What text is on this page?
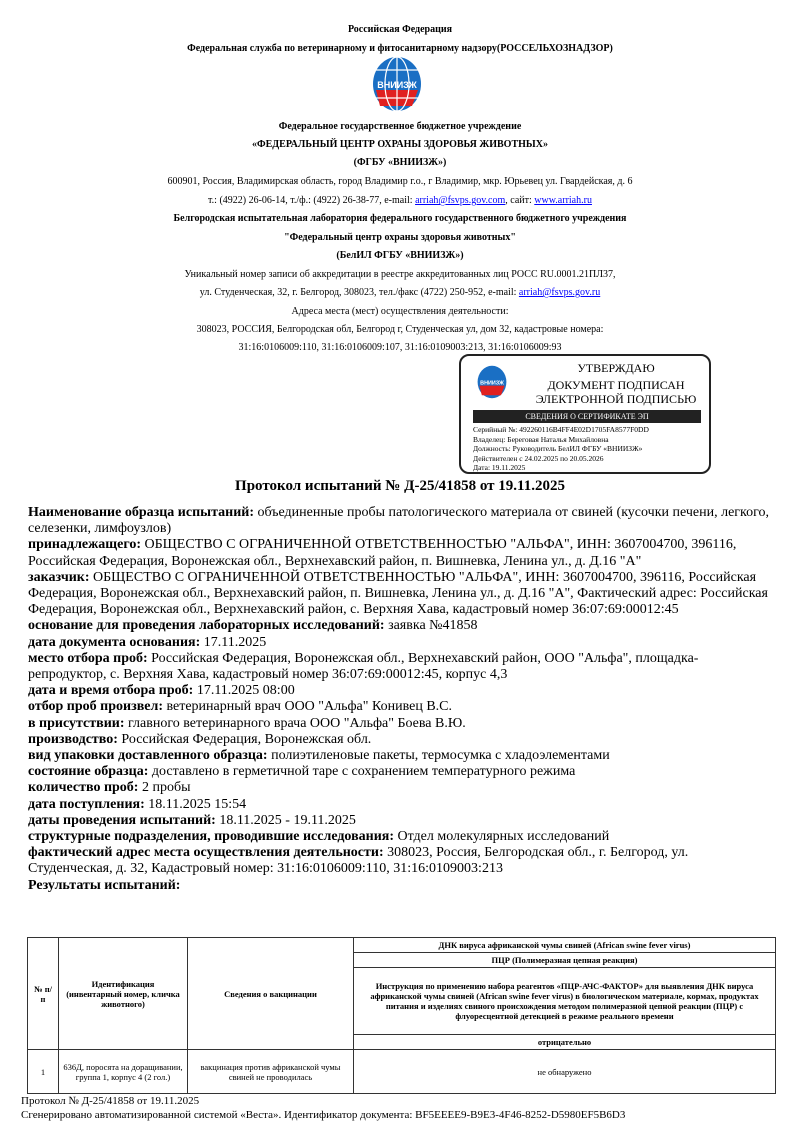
Российская Федерация
Федеральная служба по ветеринарному и фитосанитарному надзору(РОССЕЛЬХОЗНАДЗОР)
ВНИИЗЖ
Федеральное государственное бюджетное учреждение
«ФЕДЕРАЛЬНЫЙ ЦЕНТР ОХРАНЫ ЗДОРОВЬЯ ЖИВОТНЫХ»
(ФГБУ «ВНИИЗЖ»)
600901, Россия, Владимирская область, город Владимир г.о., г Владимир, мкр. Юрьевец ул. Гвардейская, д. 6
т.: (4922) 26-06-14, т./ф.: (4922) 26-38-77, e-mail: arriah@fsvps.gov.com, сайт: www.arriah.ru
Белгородская испытательная лаборатория федерального государственного бюджетного учреждения
"Федеральный центр охраны здоровья животных"
(БелИЛ ФГБУ «ВНИИЗЖ»)
Уникальный номер записи об аккредитации в реестре аккредитованных лиц РОСС RU.0001.21ПЛ37,
ул. Студенческая, 32, г. Белгород, 308023, тел./факс (4722) 250-952, e-mail: arriah@fsvps.gov.ru
Адреса места (мест) осуществления деятельности:
308023, РОССИЯ, Белгородская обл, Белгород г, Студенческая ул, дом 32, кадастровые номера:
31:16:0106009:110, 31:16:0106009:107, 31:16:0109003:213, 31:16:0106009:93
ВНИИЗЖ
УТВЕРЖДАЮ
ДОКУМЕНТ ПОДПИСАН
ЭЛЕКТРОННОЙ ПОДПИСЬЮ
СВЕДЕНИЯ О СЕРТИФИКАТЕ ЭП
Серийный №: 492260116B4FF4E02D1705FA8577F0DD
Владелец: Береговая Наталья Михайловна
Должность: Руководитель БелИЛ ФГБУ «ВНИИЗЖ»
Действителен с 24.02.2025 по 20.05.2026
Дата: 19.11.2025
Протокол испытаний № Д-25/41858 от 19.11.2025

Наименование образца испытаний: объединенные пробы патологического материала от свиней (кусочки печени, легкого, селезенки, лимфоузлов)

принадлежащего: ОБЩЕСТВО С ОГРАНИЧЕННОЙ ОТВЕТСТВЕННОСТЬЮ "АЛЬФА", ИНН: 3607004700, 396116, Российская Федерация, Воронежская обл., Верхнехавский район, п. Вишневка, Ленина ул., д. Д.16 "А"

заказчик: ОБЩЕСТВО С ОГРАНИЧЕННОЙ ОТВЕТСТВЕННОСТЬЮ "АЛЬФА", ИНН: 3607004700, 396116, Российская Федерация, Воронежская обл., Верхнехавский район, п. Вишневка, Ленина ул., д. Д.16 "А", Фактический адрес: Российская Федерация, Воронежская обл., Верхнехавский район, с. Верхняя Хава, кадастровый номер 36:07:69:00012:45

основание для проведения лабораторных исследований: заявка №41858

дата документа основания: 17.11.2025

место отбора проб: Российская Федерация, Воронежская обл., Верхнехавский район, ООО "Альфа", площадка-репродуктор, с. Верхняя Хава, кадастровый номер 36:07:69:00012:45, корпус 4,3

дата и время отбора проб: 17.11.2025 08:00

отбор проб произвел: ветеринарный врач ООО "Альфа" Конивец В.С.

в присутствии: главного ветеринарного врача ООО "Альфа" Боева В.Ю.

производство: Российская Федерация, Воронежская обл.

вид упаковки доставленного образца: полиэтиленовые пакеты, термосумка с хладоэлементами

состояние образца: доставлено в герметичной таре с сохранением температурного режима

количество проб: 2 пробы

дата поступления: 18.11.2025 15:54

даты проведения испытаний: 18.11.2025 - 19.11.2025

структурные подразделения, проводившие исследования: Отдел молекулярных исследований

фактический адрес места осуществления деятельности: 308023, Россия, Белгородская обл., г. Белгород, ул. Студенческая, д. 32, Кадастровый номер: 31:16:0106009:110, 31:16:0109003:213

Результаты испытаний:

№ п/п	Идентификация (инвентарный номер, кличка животного)	Сведения о вакцинации	ДНК вируса африканской чумы свиней (African swine fever virus)
			ПЦР (Полимеразная цепная реакция)
			Инструкция по применению набора реагентов «ПЦР-АЧС-ФАКТОР» для выявления ДНК вируса африканской чумы свиней (African swine fever virus) в биологическом материале, кормах, продуктах питания и изделиях свиного происхождения методом полимеразной цепной реакции (ПЦР) с флуоресцентной детекцией в режиме реального времени
			отрицательно
1	636Д, поросята на доращивании, группа 1, корпус 4 (2 гол.)	вакцинация против африканской чумы свиней не проводилась	не обнаружено
Протокол № Д-25/41858 от 19.11.2025
Сгенерировано автоматизированной системой «Веста». Идентификатор документа: BF5EEEE9-B9E3-4F46-8252-D5980EF5B6D3
